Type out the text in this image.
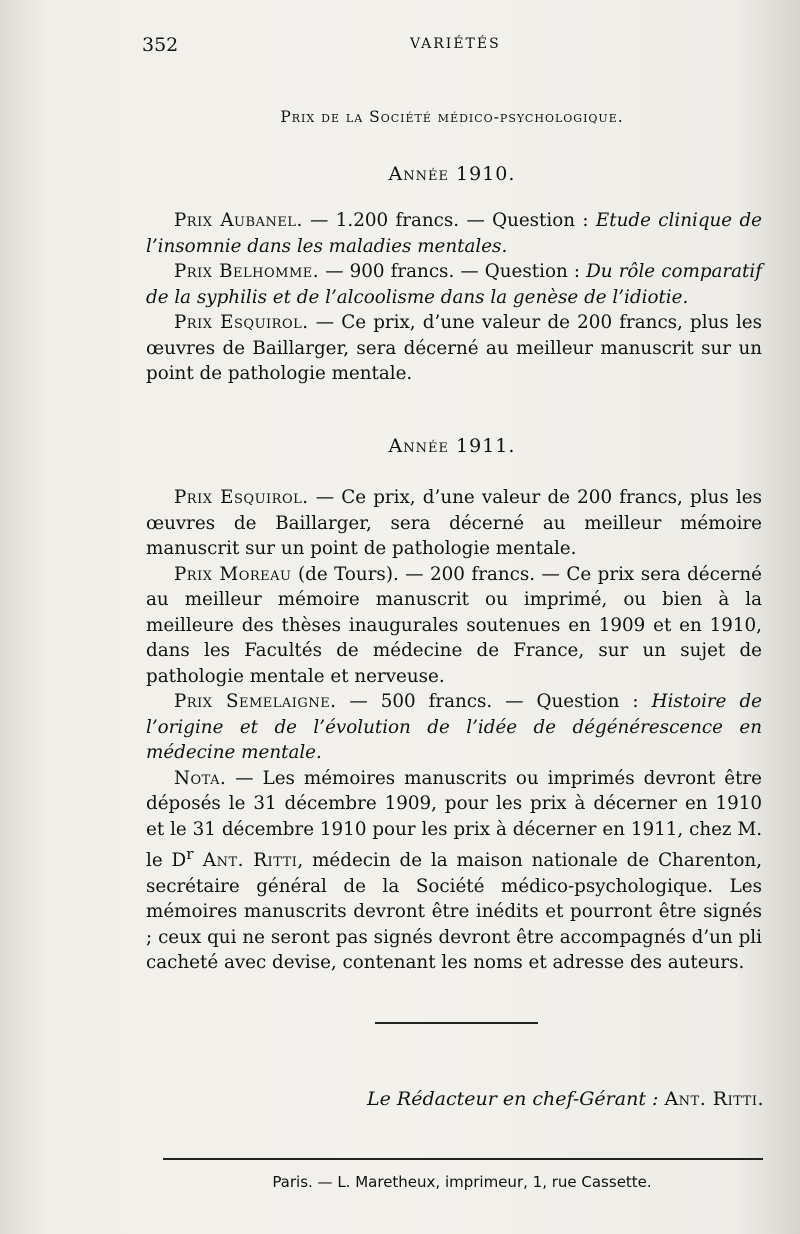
352	VARIÉTÉS
Prix de la Société médico-psychologique.
Année 1910.

Prix Aubanel. — 1.200 francs. — Question : Etude clinique de l’insomnie dans les maladies mentales.

Prix Belhomme. — 900 francs. — Question : Du rôle comparatif de la syphilis et de l’alcoolisme dans la genèse de l’idiotie.

Prix Esquirol. — Ce prix, d’une valeur de 200 francs, plus les œuvres de Baillarger, sera décerné au meilleur manuscrit sur un point de pathologie mentale.

Année 1911.

Prix Esquirol. — Ce prix, d’une valeur de 200 francs, plus les œuvres de Baillarger, sera décerné au meilleur mémoire manuscrit sur un point de pathologie mentale.

Prix Moreau (de Tours). — 200 francs. — Ce prix sera décerné au meilleur mémoire manuscrit ou imprimé, ou bien à la meilleure des thèses inaugurales soutenues en 1909 et en 1910, dans les Facultés de médecine de France, sur un sujet de pathologie mentale et nerveuse.

Prix Semelaigne. — 500 francs. — Question : Histoire de l’origine et de l’évolution de l’idée de dégénérescence en médecine mentale.

Nota. — Les mémoires manuscrits ou imprimés devront être déposés le 31 décembre 1909, pour les prix à décerner en 1910 et le 31 décembre 1910 pour les prix à décerner en 1911, chez M. le $D^r$ Ant. Ritti, médecin de la maison nationale de Charenton, secrétaire général de la Société médico-psychologique. Les mémoires manuscrits devront être inédits et pourront être signés ; ceux qui ne seront pas signés devront être accompagnés d’un pli cacheté avec devise, contenant les noms et adresse des auteurs.

Le Rédacteur en chef-Gérant : Ant. Ritti.
Paris. — L. Maretheux, imprimeur, 1, rue Cassette.
